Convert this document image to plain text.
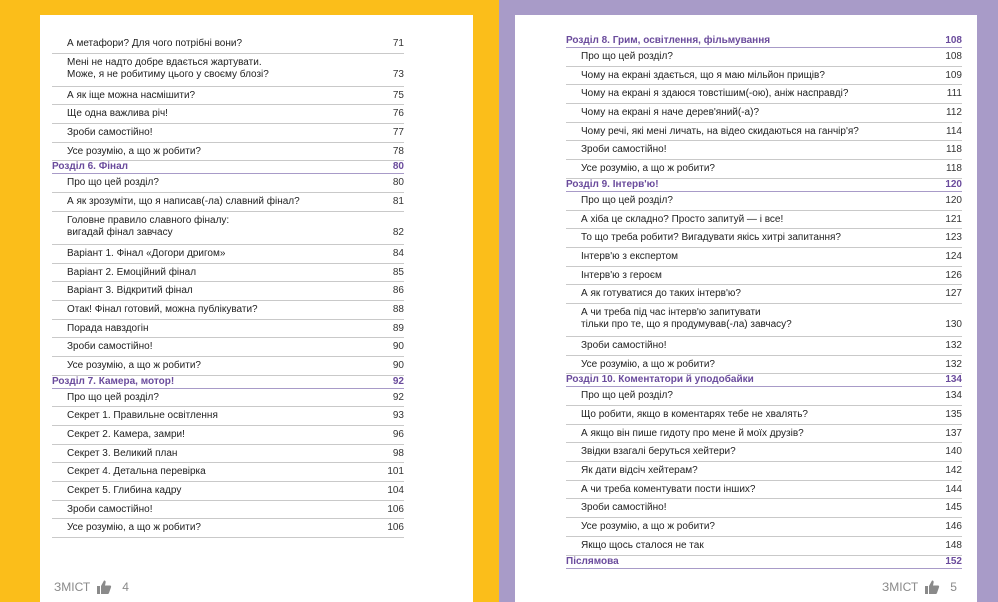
А метафори? Для чого потрібні вони?	71
Мені не надто добре вдається жартувати.
Може, я не робитиму цього у своєму блозі?	73
А як іще можна насмішити?	75
Ще одна важлива річ!	76
Зроби самостійно!	77
Усе розумію, а що ж робити?	78
Розділ 6. Фінал	80
Про що цей розділ?	80
А як зрозуміти, що я написав(-ла) славний фінал?	81
Головне правило славного фіналу:
вигадай фінал завчасу	82
Варіант 1. Фінал «Догори дригом»	84
Варіант 2. Емоційний фінал	85
Варіант 3. Відкритий фінал	86
Отак! Фінал готовий, можна публікувати?	88
Порада навздогін	89
Зроби самостійно!	90
Усе розумію, а що ж робити?	90
Розділ 7. Камера, мотор!	92
Про що цей розділ?	92
Секрет 1. Правильне освітлення	93
Секрет 2. Камера, замри!	96
Секрет 3. Великий план	98
Секрет 4. Детальна перевірка	101
Секрет 5. Глибина кадру	104
Зроби самостійно!	106
Усе розумію, а що ж робити?	106
ЗМІСТ	4
Розділ 8. Грим, освітлення, фільмування	108
Про що цей розділ?	108
Чому на екрані здається, що я маю мільйон прищів?	109
Чому на екрані я здаюся товстішим(-ою), аніж насправді?	111
Чому на екрані я наче дерев'яний(-а)?	112
Чому речі, які мені личать, на відео скидаються на ганчір'я?	114
Зроби самостійно!	118
Усе розумію, а що ж робити?	118
Розділ 9. Інтерв'ю!	120
Про що цей розділ?	120
А хіба це складно? Просто запитуй — і все!	121
То що треба робити? Вигадувати якісь хитрі запитання?	123
Інтерв'ю з експертом	124
Інтерв'ю з героєм	126
А як готуватися до таких інтерв'ю?	127
А чи треба під час інтерв'ю запитувати
тільки про те, що я продумував(-ла) завчасу?	130
Зроби самостійно!	132
Усе розумію, а що ж робити?	132
Розділ 10. Коментатори й уподобайки	134
Про що цей розділ?	134
Що робити, якщо в коментарях тебе не хвалять?	135
А якщо він пише гидоту про мене й моїх друзів?	137
Звідки взагалі беруться хейтери?	140
Як дати відсіч хейтерам?	142
А чи треба коментувати пости інших?	144
Зроби самостійно!	145
Усе розумію, а що ж робити?	146
Якщо щось сталося не так	148
Післямова	152
ЗМІСТ	5
